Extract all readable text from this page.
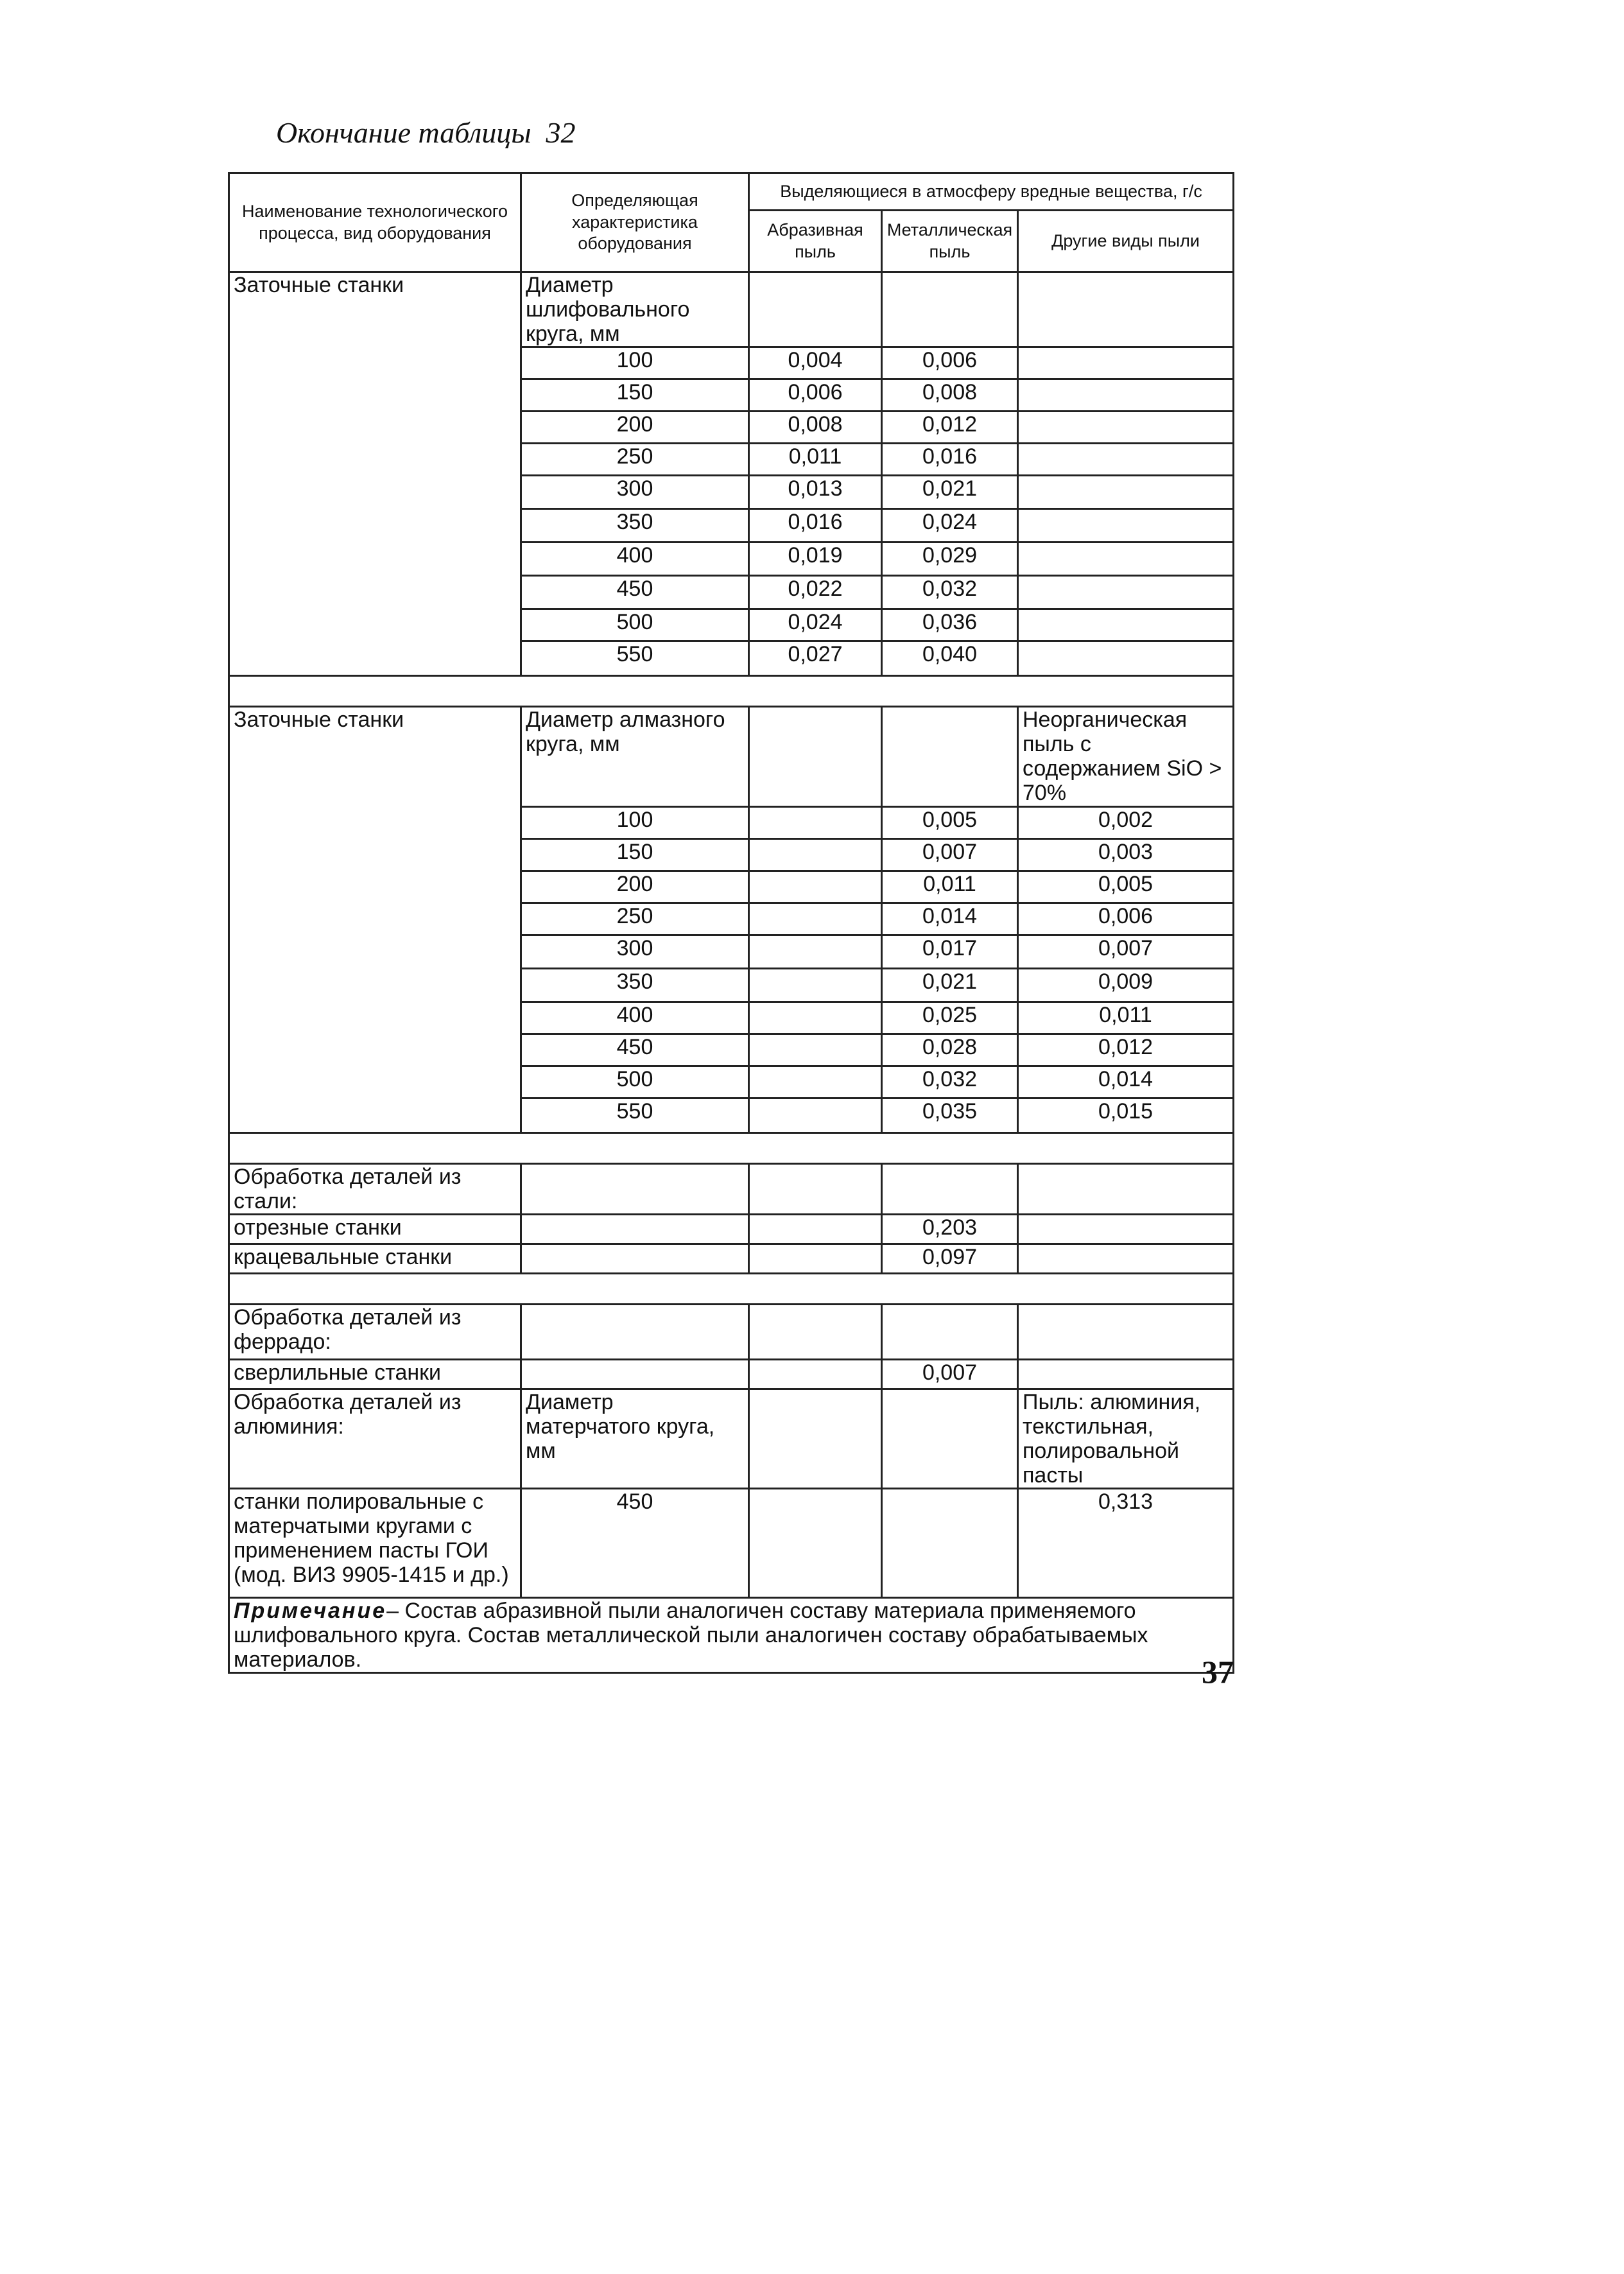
Окончание таблицы  32
Наименование технологического процесса, вид оборудования	Определяющая характеристика оборудования	Выделяющиеся в атмосферу вредные вещества, г/с		
		Абразивная пыль	Металлическая пыль	Другие виды пыли
Заточные станки	Диаметр шлифовального круга, мм			
	100	0,004	0,006	
	150	0,006	0,008	
	200	0,008	0,012	
	250	0,011	0,016	
	300	0,013	0,021	
	350	0,016	0,024	
	400	0,019	0,029	
	450	0,022	0,032	
	500	0,024	0,036	
	550	0,027	0,040	

Заточные станки	Диаметр алмазного круга, мм			Неорганическая пыль с содержанием SiO > 70%
	100		0,005	0,002
	150		0,007	0,003
	200		0,011	0,005
	250		0,014	0,006
	300		0,017	0,007
	350		0,021	0,009
	400		0,025	0,011
	450		0,028	0,012
	500		0,032	0,014
	550		0,035	0,015

Обработка деталей из стали:				
отрезные станки			0,203	
крацевальные станки			0,097	

Обработка деталей из феррадо:				
сверлильные станки			0,007	
Обработка деталей из алюминия:	Диаметр матерчатого круга, мм			Пыль: алюминия, текстильная, полировальной пасты
станки полировальные с матерчатыми кругами с применением пасты ГОИ (мод. ВИЗ 9905-1415 и др.)	450			0,313
Примечание– Состав абразивной пыли аналогичен составу материала применяемого шлифовального круга. Состав металлической пыли аналогичен составу обрабатываемых материалов.					37
